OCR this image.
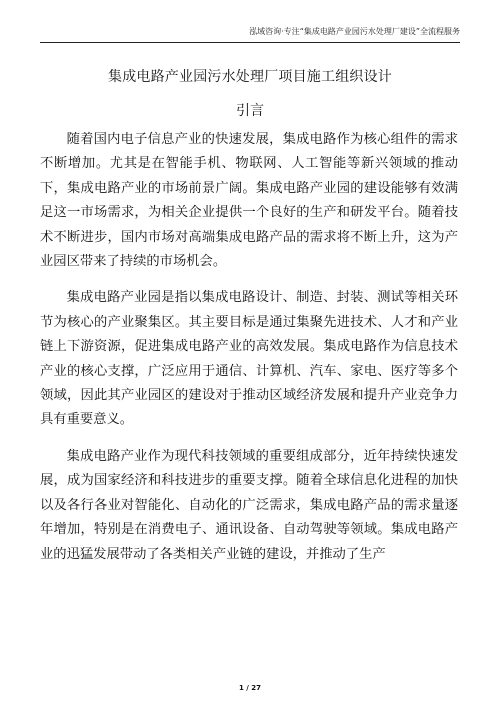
泓域咨询·专注“集成电路产业园污水处理厂建设”全流程服务
集成电路产业园污水处理厂项目施工组织设计
引言

随着国内电子信息产业的快速发展，集成电路作为核心组件的需求不断增加。尤其是在智能手机、物联网、人工智能等新兴领域的推动下，集成电路产业的市场前景广阔。集成电路产业园的建设能够有效满足这一市场需求，为相关企业提供一个良好的生产和研发平台。随着技术不断进步，国内市场对高端集成电路产品的需求将不断上升，这为产业园区带来了持续的市场机会。

集成电路产业园是指以集成电路设计、制造、封装、测试等相关环节为核心的产业聚集区。其主要目标是通过集聚先进技术、人才和产业链上下游资源，促进集成电路产业的高效发展。集成电路作为信息技术产业的核心支撑，广泛应用于通信、计算机、汽车、家电、医疗等多个领域，因此其产业园区的建设对于推动区域经济发展和提升产业竞争力具有重要意义。

集成电路产业作为现代科技领域的重要组成部分，近年持续快速发展，成为国家经济和科技进步的重要支撑。随着全球信息化进程的加快以及各行各业对智能化、自动化的广泛需求，集成电路产品的需求量逐年增加，特别是在消费电子、通讯设备、自动驾驶等领域。集成电路产业的迅猛发展带动了各类相关产业链的建设，并推动了生产

1 / 27
